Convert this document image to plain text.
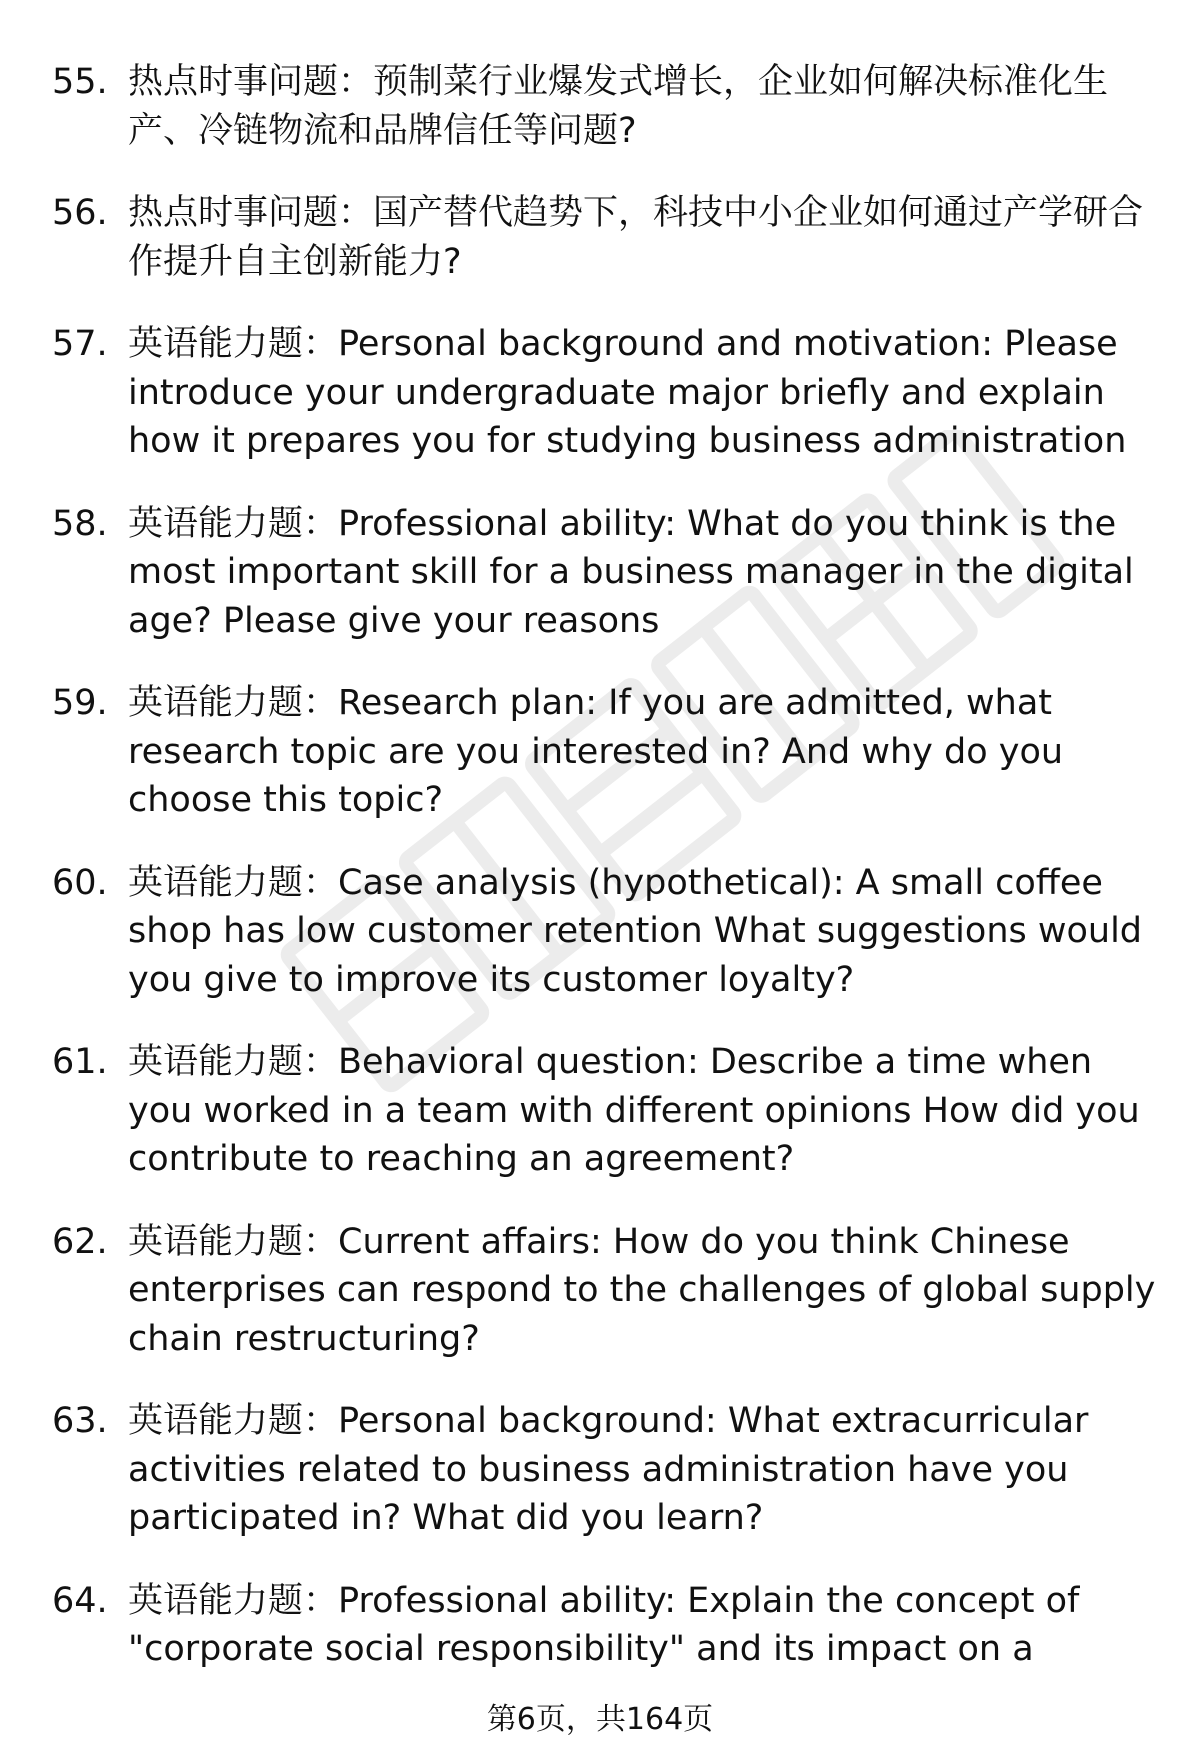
55. 热点时事问题：预制菜行业爆发式增长，企业如何解决标准化生产、冷链物流和品牌信任等问题?
56. 热点时事问题：国产替代趋势下，科技中小企业如何通过产学研合作提升自主创新能力?
57. 英语能力题：Personal background and motivation: Please introduce your undergraduate major briefly and explain how it prepares you for studying business administration
58. 英语能力题：Professional ability: What do you think is the most important skill for a business manager in the digital age? Please give your reasons
59. 英语能力题：Research plan: If you are admitted, what research topic are you interested in? And why do you choose this topic?
60. 英语能力题：Case analysis (hypothetical): A small coffee shop has low customer retention What suggestions would you give to improve its customer loyalty?
61. 英语能力题：Behavioral question: Describe a time when you worked in a team with different opinions How did you contribute to reaching an agreement?
62. 英语能力题：Current affairs: How do you think Chinese enterprises can respond to the challenges of global supply chain restructuring?
63. 英语能力题：Personal background: What extracurricular activities related to business administration have you participated in? What did you learn?
64. 英语能力题：Professional ability: Explain the concept of "corporate social responsibility" and its impact on a
第6页，共164页
